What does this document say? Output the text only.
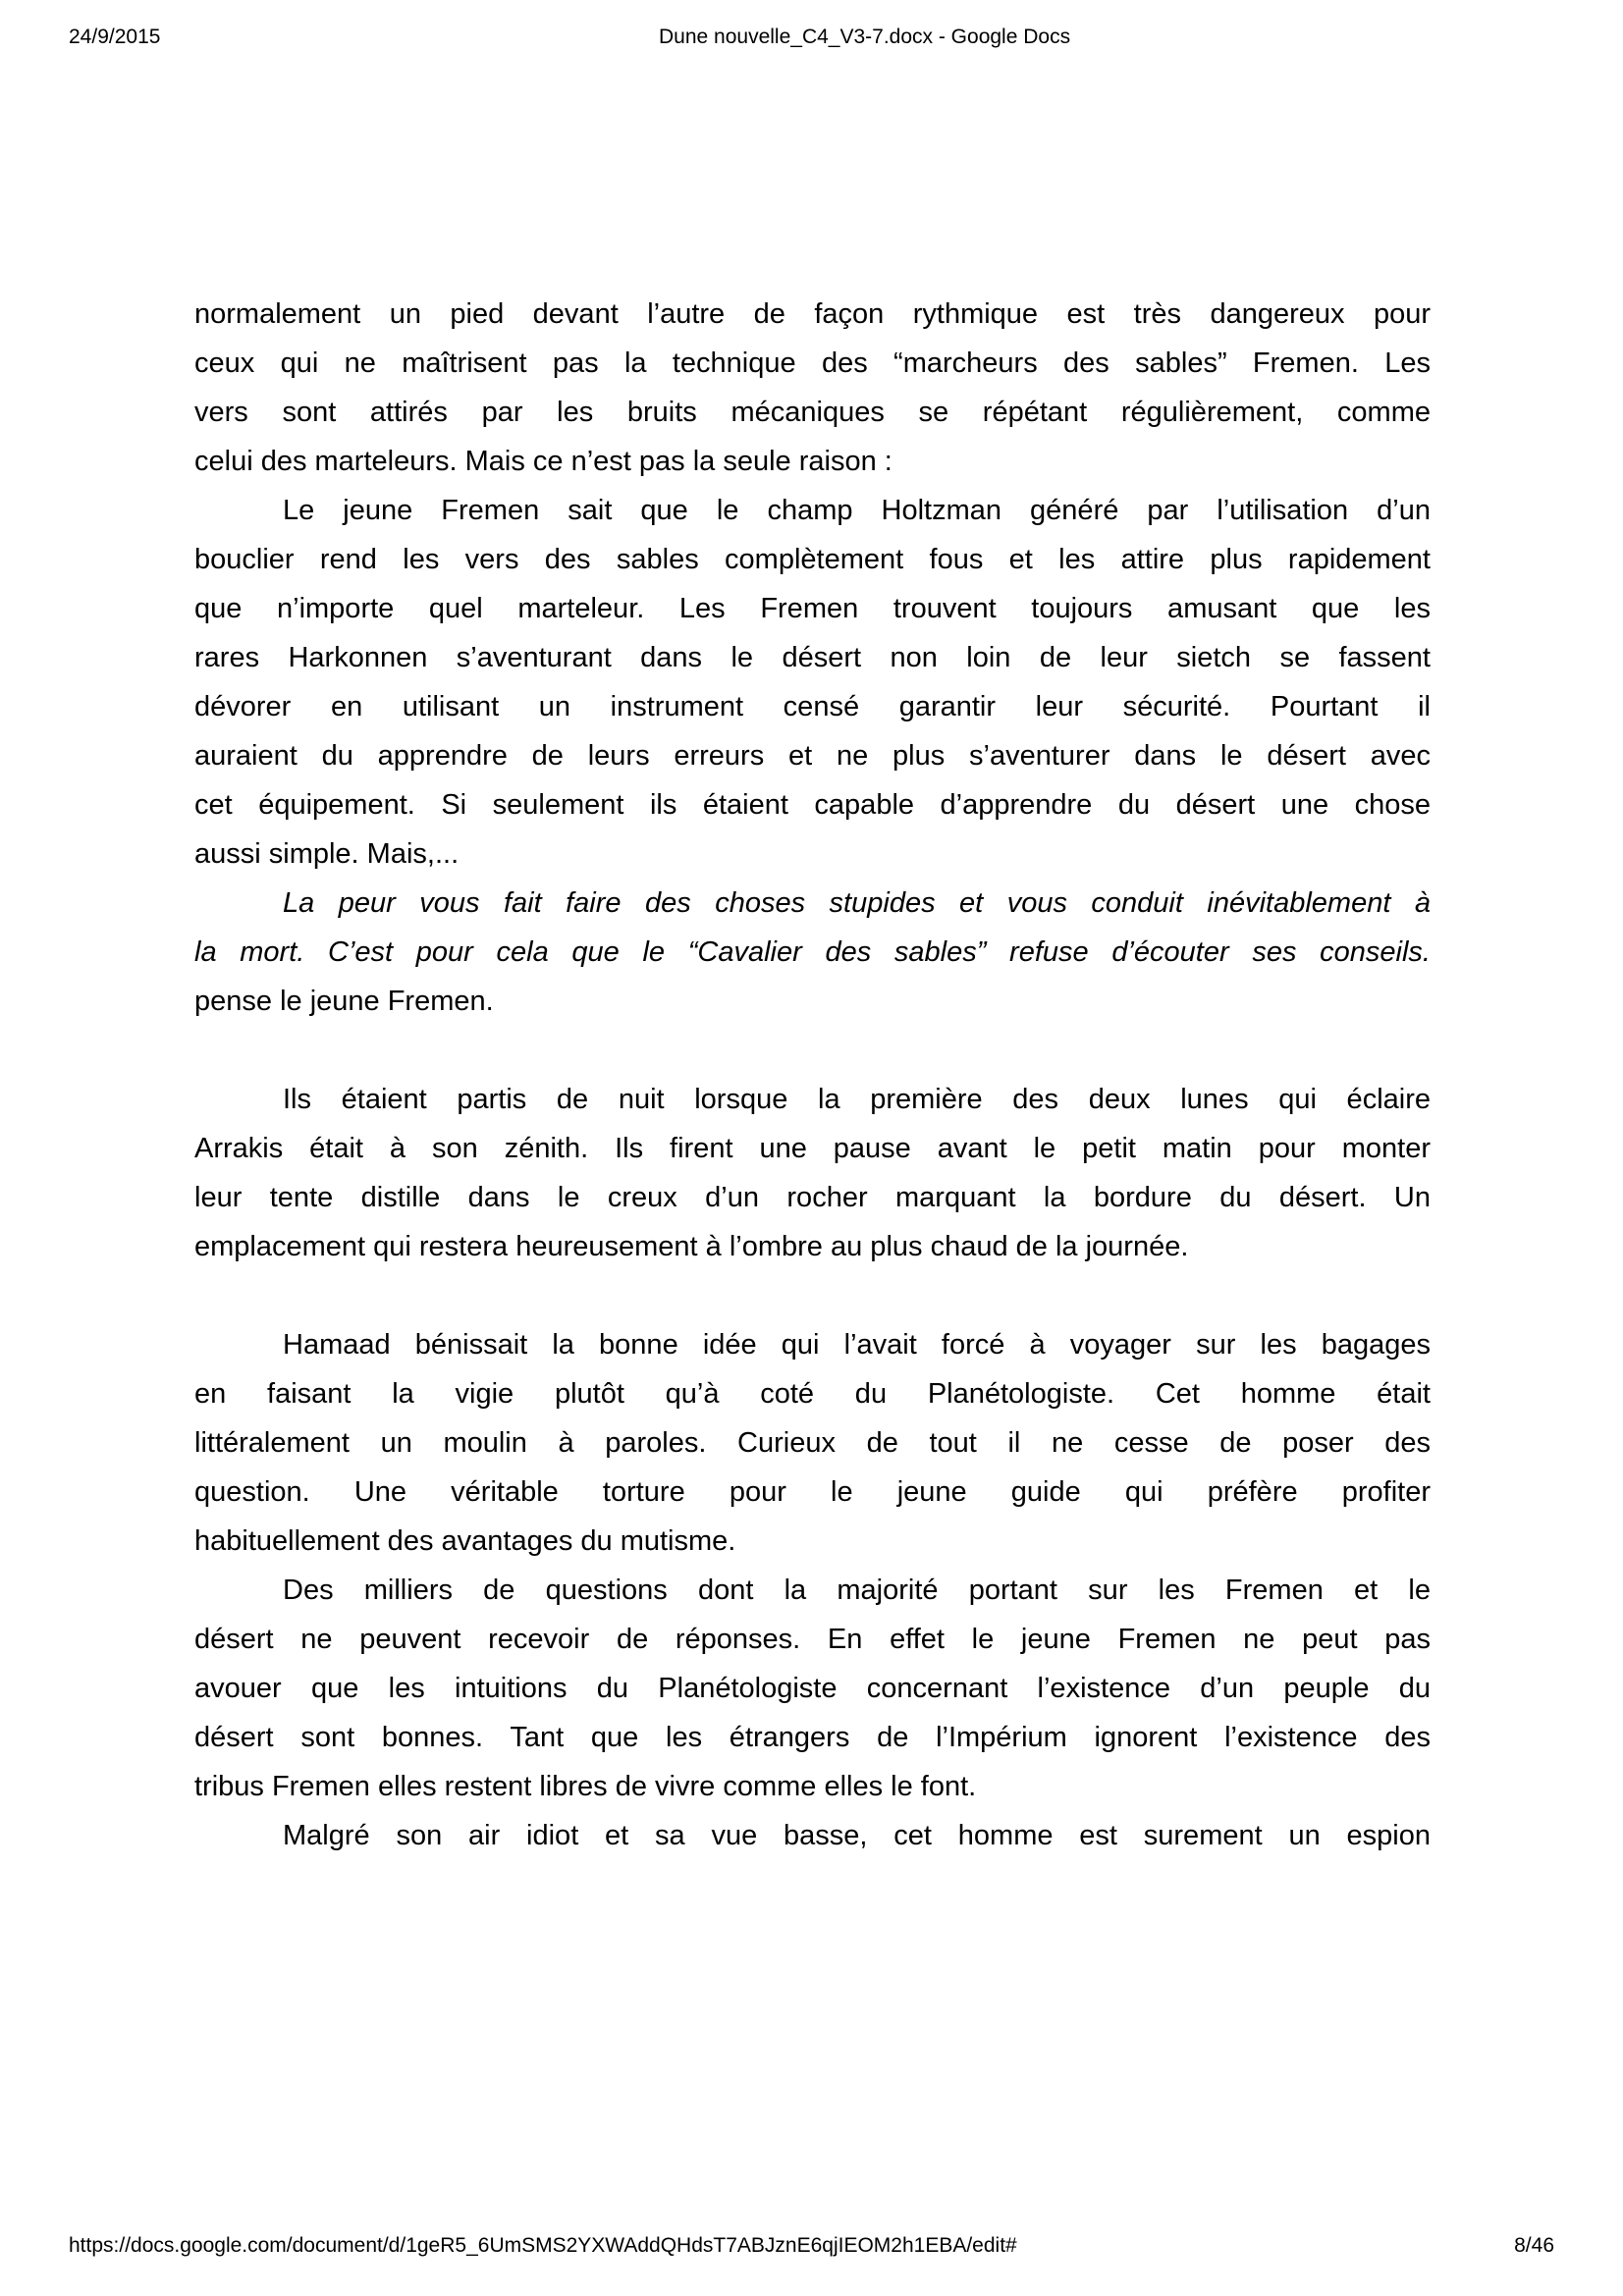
24/9/2015	Dune nouvelle_C4_V3-7.docx - Google Docs
normalement un pied devant l’autre de façon rythmique est très dangereux pour
ceux qui ne maîtrisent pas la technique des “marcheurs des sables” Fremen. Les
vers sont attirés par les bruits mécaniques se répétant régulièrement, comme
celui des marteleurs. Mais ce n’est pas la seule raison :
Le jeune Fremen sait que le champ Holtzman généré par l’utilisation d’un
bouclier rend les vers des sables complètement fous et les attire plus rapidement
que n’importe quel marteleur. Les Fremen trouvent toujours amusant que les
rares Harkonnen s’aventurant dans le désert non loin de leur sietch se fassent
dévorer en utilisant un instrument censé garantir leur sécurité. Pourtant il
auraient du apprendre de leurs erreurs et ne plus s’aventurer dans le désert avec
cet équipement. Si seulement ils étaient capable d’apprendre du désert une chose
aussi simple. Mais,...
La peur vous fait faire des choses stupides et vous conduit inévitablement à
la mort. C’est pour cela que le “Cavalier des sables” refuse d’écouter ses conseils.
pense le jeune Fremen.
Ils étaient partis de nuit lorsque la première des deux lunes qui éclaire
Arrakis était à son zénith. Ils firent une pause avant le petit matin pour monter
leur tente distille dans le creux d’un rocher marquant la bordure du désert. Un
emplacement qui restera heureusement à l’ombre au plus chaud de la journée.
Hamaad bénissait la bonne idée qui l’avait forcé à voyager sur les bagages
en faisant la vigie plutôt qu’à coté du Planétologiste. Cet homme était
littéralement un moulin à paroles. Curieux de tout il ne cesse de poser des
question. Une véritable torture pour le jeune guide qui préfère profiter
habituellement des avantages du mutisme.
Des milliers de questions dont la majorité portant sur les Fremen et le
désert ne peuvent recevoir de réponses. En effet le jeune Fremen ne peut pas
avouer que les intuitions du Planétologiste concernant l’existence d’un peuple du
désert sont bonnes. Tant que les étrangers de l’Impérium ignorent l’existence des
tribus Fremen elles restent libres de vivre comme elles le font.
Malgré son air idiot et sa vue basse, cet homme est surement un espion
https://docs.google.com/document/d/1geR5_6UmSMS2YXWAddQHdsT7ABJznE6qjIEOM2h1EBA/edit#	8/46
